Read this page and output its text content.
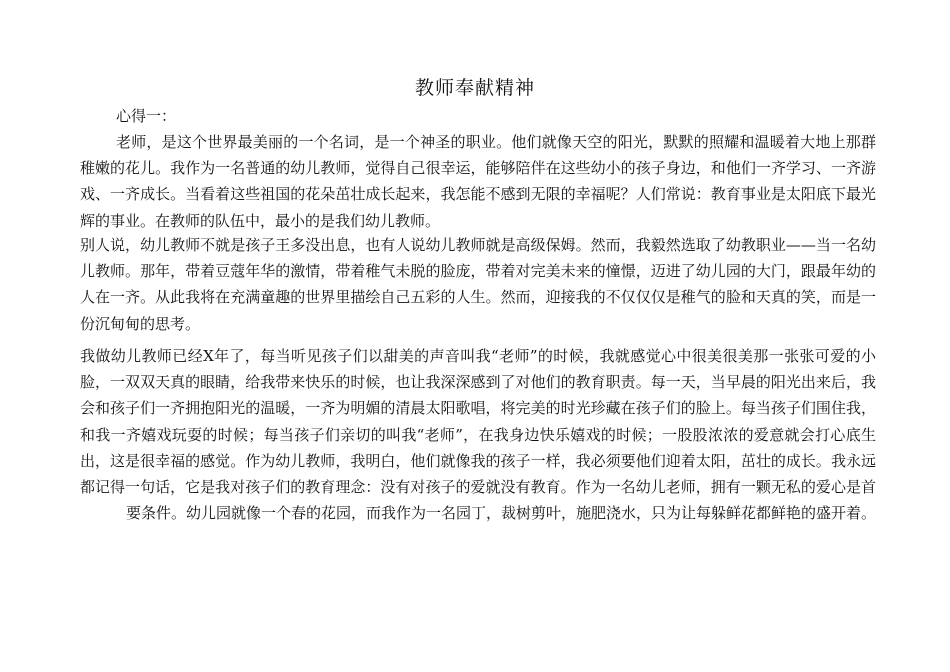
教师奉献精神
心得一：

老师，是这个世界最美丽的一个名词，是一个神圣的职业。他们就像天空的阳光，默默的照耀和温暖着大地上那群稚嫩的花儿。我作为一名普通的幼儿教师，觉得自己很幸运，能够陪伴在这些幼小的孩子身边，和他们一齐学习、一齐游戏、一齐成长。当看着这些祖国的花朵茁壮成长起来，我怎能不感到无限的幸福呢？人们常说：教育事业是太阳底下最光辉的事业。在教师的队伍中，最小的是我们幼儿教师。

别人说，幼儿教师不就是孩子王多没出息，也有人说幼儿教师就是高级保姆。然而，我毅然选取了幼教职业——当一名幼儿教师。那年，带着豆蔻年华的激情，带着稚气未脱的脸庞，带着对完美未来的憧憬，迈进了幼儿园的大门，跟最年幼的人在一齐。从此我将在充满童趣的世界里描绘自己五彩的人生。然而，迎接我的不仅仅仅是稚气的脸和天真的笑，而是一份沉甸甸的思考。

我做幼儿教师已经X年了，每当听见孩子们以甜美的声音叫我“老师”的时候，我就感觉心中很美很美那一张张可爱的小脸，一双双天真的眼睛，给我带来快乐的时候，也让我深深感到了对他们的教育职责。每一天，当早晨的阳光出来后，我会和孩子们一齐拥抱阳光的温暖，一齐为明媚的清晨太阳歌唱，将完美的时光珍藏在孩子们的脸上。每当孩子们围住我，和我一齐嬉戏玩耍的时候；每当孩子们亲切的叫我“老师”，在我身边快乐嬉戏的时候；一股股浓浓的爱意就会打心底生出，这是很幸福的感觉。作为幼儿教师，我明白，他们就像我的孩子一样，我必须要他们迎着太阳，茁壮的成长。我永远都记得一句话，它是我对孩子们的教育理念：没有对孩子的爱就没有教育。作为一名幼儿老师，拥有一颗无私的爱心是首要条件。幼儿园就像一个春的花园，而我作为一名园丁，裁树剪叶，施肥浇水，只为让每躲鲜花都鲜艳的盛开着。
